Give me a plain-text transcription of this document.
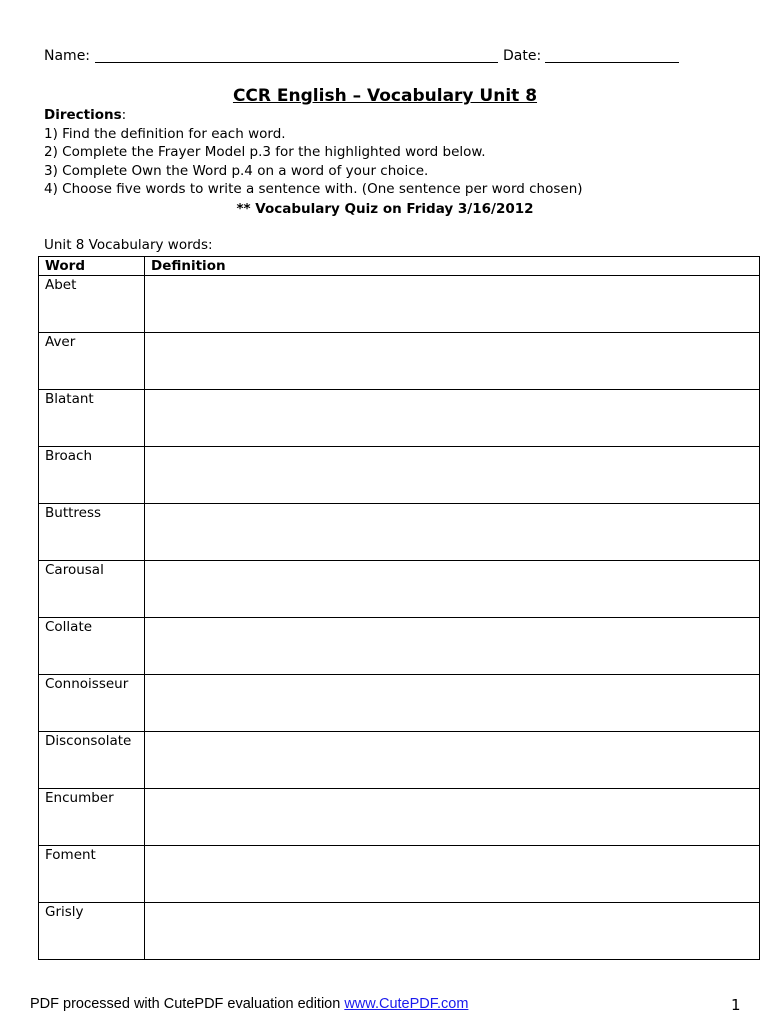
Name:	Date:
CCR English – Vocabulary Unit 8
Directions:
1) Find the definition for each word.
2) Complete the Frayer Model p.3 for the highlighted word below.
3) Complete Own the Word p.4 on a word of your choice.
4) Choose five words to write a sentence with. (One sentence per word chosen)
** Vocabulary Quiz on Friday 3/16/2012
Unit 8 Vocabulary words:
Word	Definition
Abet	
Aver	
Blatant	
Broach	
Buttress	
Carousal	
Collate	
Connoisseur	
Disconsolate	
Encumber	
Foment	
Grisly	
PDF processed with CutePDF evaluation edition www.CutePDF.com	1
